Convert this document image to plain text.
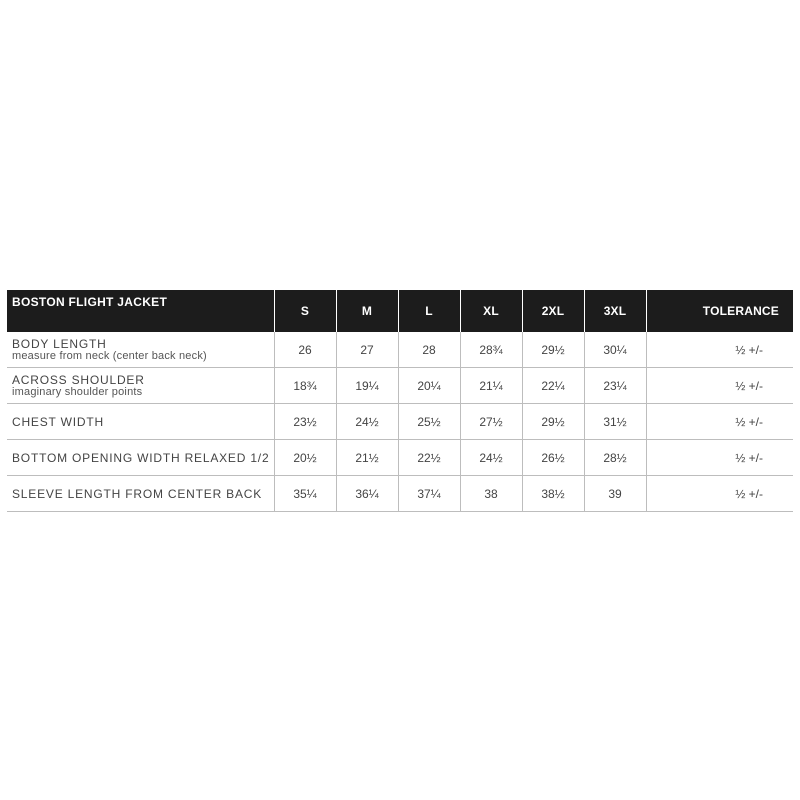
BOSTON FLIGHT JACKET	S	M	L	XL	2XL	3XL	TOLERANCE

BODY LENGTH
measure from neck (center back neck)	26	27	28	28¾	29½	30¼	½ +/-

ACROSS SHOULDER
imaginary shoulder points	18¾	19¼	20¼	21¼	22¼	23¼	½ +/-

CHEST WIDTH	23½	24½	25½	27½	29½	31½	½ +/-

BOTTOM OPENING WIDTH RELAXED 1/2	20½	21½	22½	24½	26½	28½	½ +/-

SLEEVE LENGTH FROM CENTER BACK	35¼	36¼	37¼	38	38½	39	½ +/-
